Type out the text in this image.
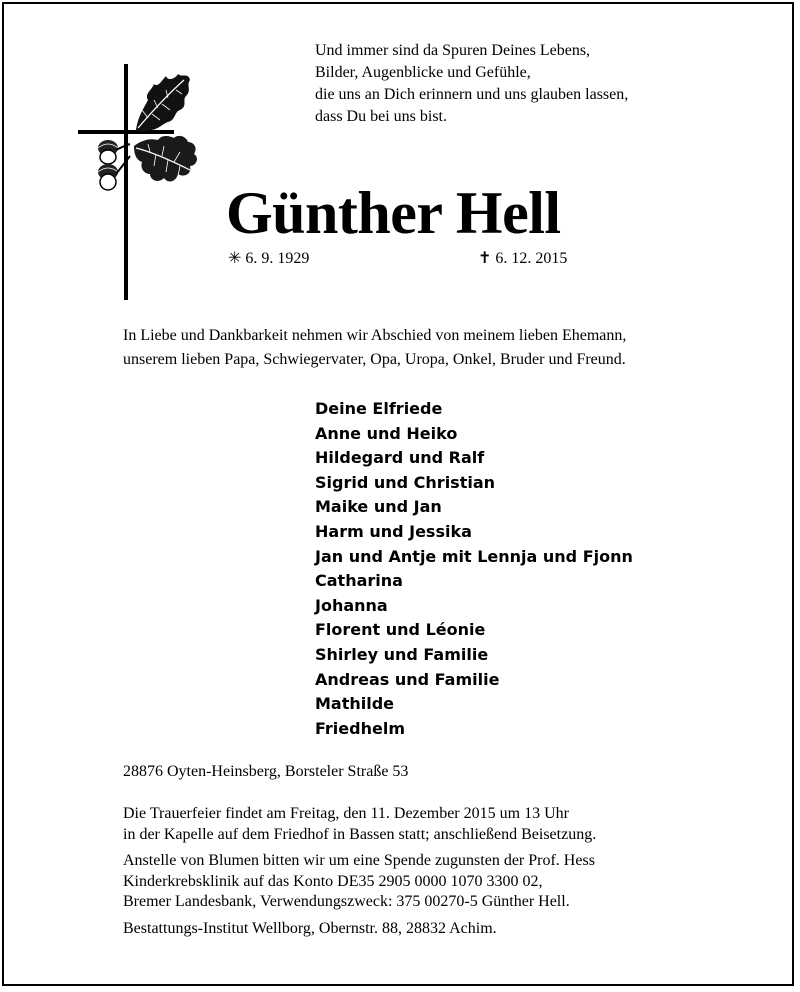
Und immer sind da Spuren Deines Lebens,
Bilder, Augenblicke und Gefühle,
die uns an Dich erinnern und uns glauben lassen,
dass Du bei uns bist.
Günther Hell
✳ 6. 9. 1929	✝ 6. 12. 2015
In Liebe und Dankbarkeit nehmen wir Abschied von meinem lieben Ehemann,
unserem lieben Papa, Schwiegervater, Opa, Uropa, Onkel, Bruder und Freund.
Deine Elfriede
Anne und Heiko
Hildegard und Ralf
Sigrid und Christian
Maike und Jan
Harm und Jessika
Jan und Antje mit Lennja und Fjonn
Catharina
Johanna
Florent und Léonie
Shirley und Familie
Andreas und Familie
Mathilde
Friedhelm
28876 Oyten-Heinsberg, Borsteler Straße 53
Die Trauerfeier findet am Freitag, den 11. Dezember 2015 um 13 Uhr
in der Kapelle auf dem Friedhof in Bassen statt; anschließend Beisetzung.
Anstelle von Blumen bitten wir um eine Spende zugunsten der Prof. Hess
Kinderkrebsklinik auf das Konto DE35 2905 0000 1070 3300 02,
Bremer Landesbank, Verwendungszweck: 375 00270-5 Günther Hell.
Bestattungs-Institut Wellborg, Obernstr. 88, 28832 Achim.
